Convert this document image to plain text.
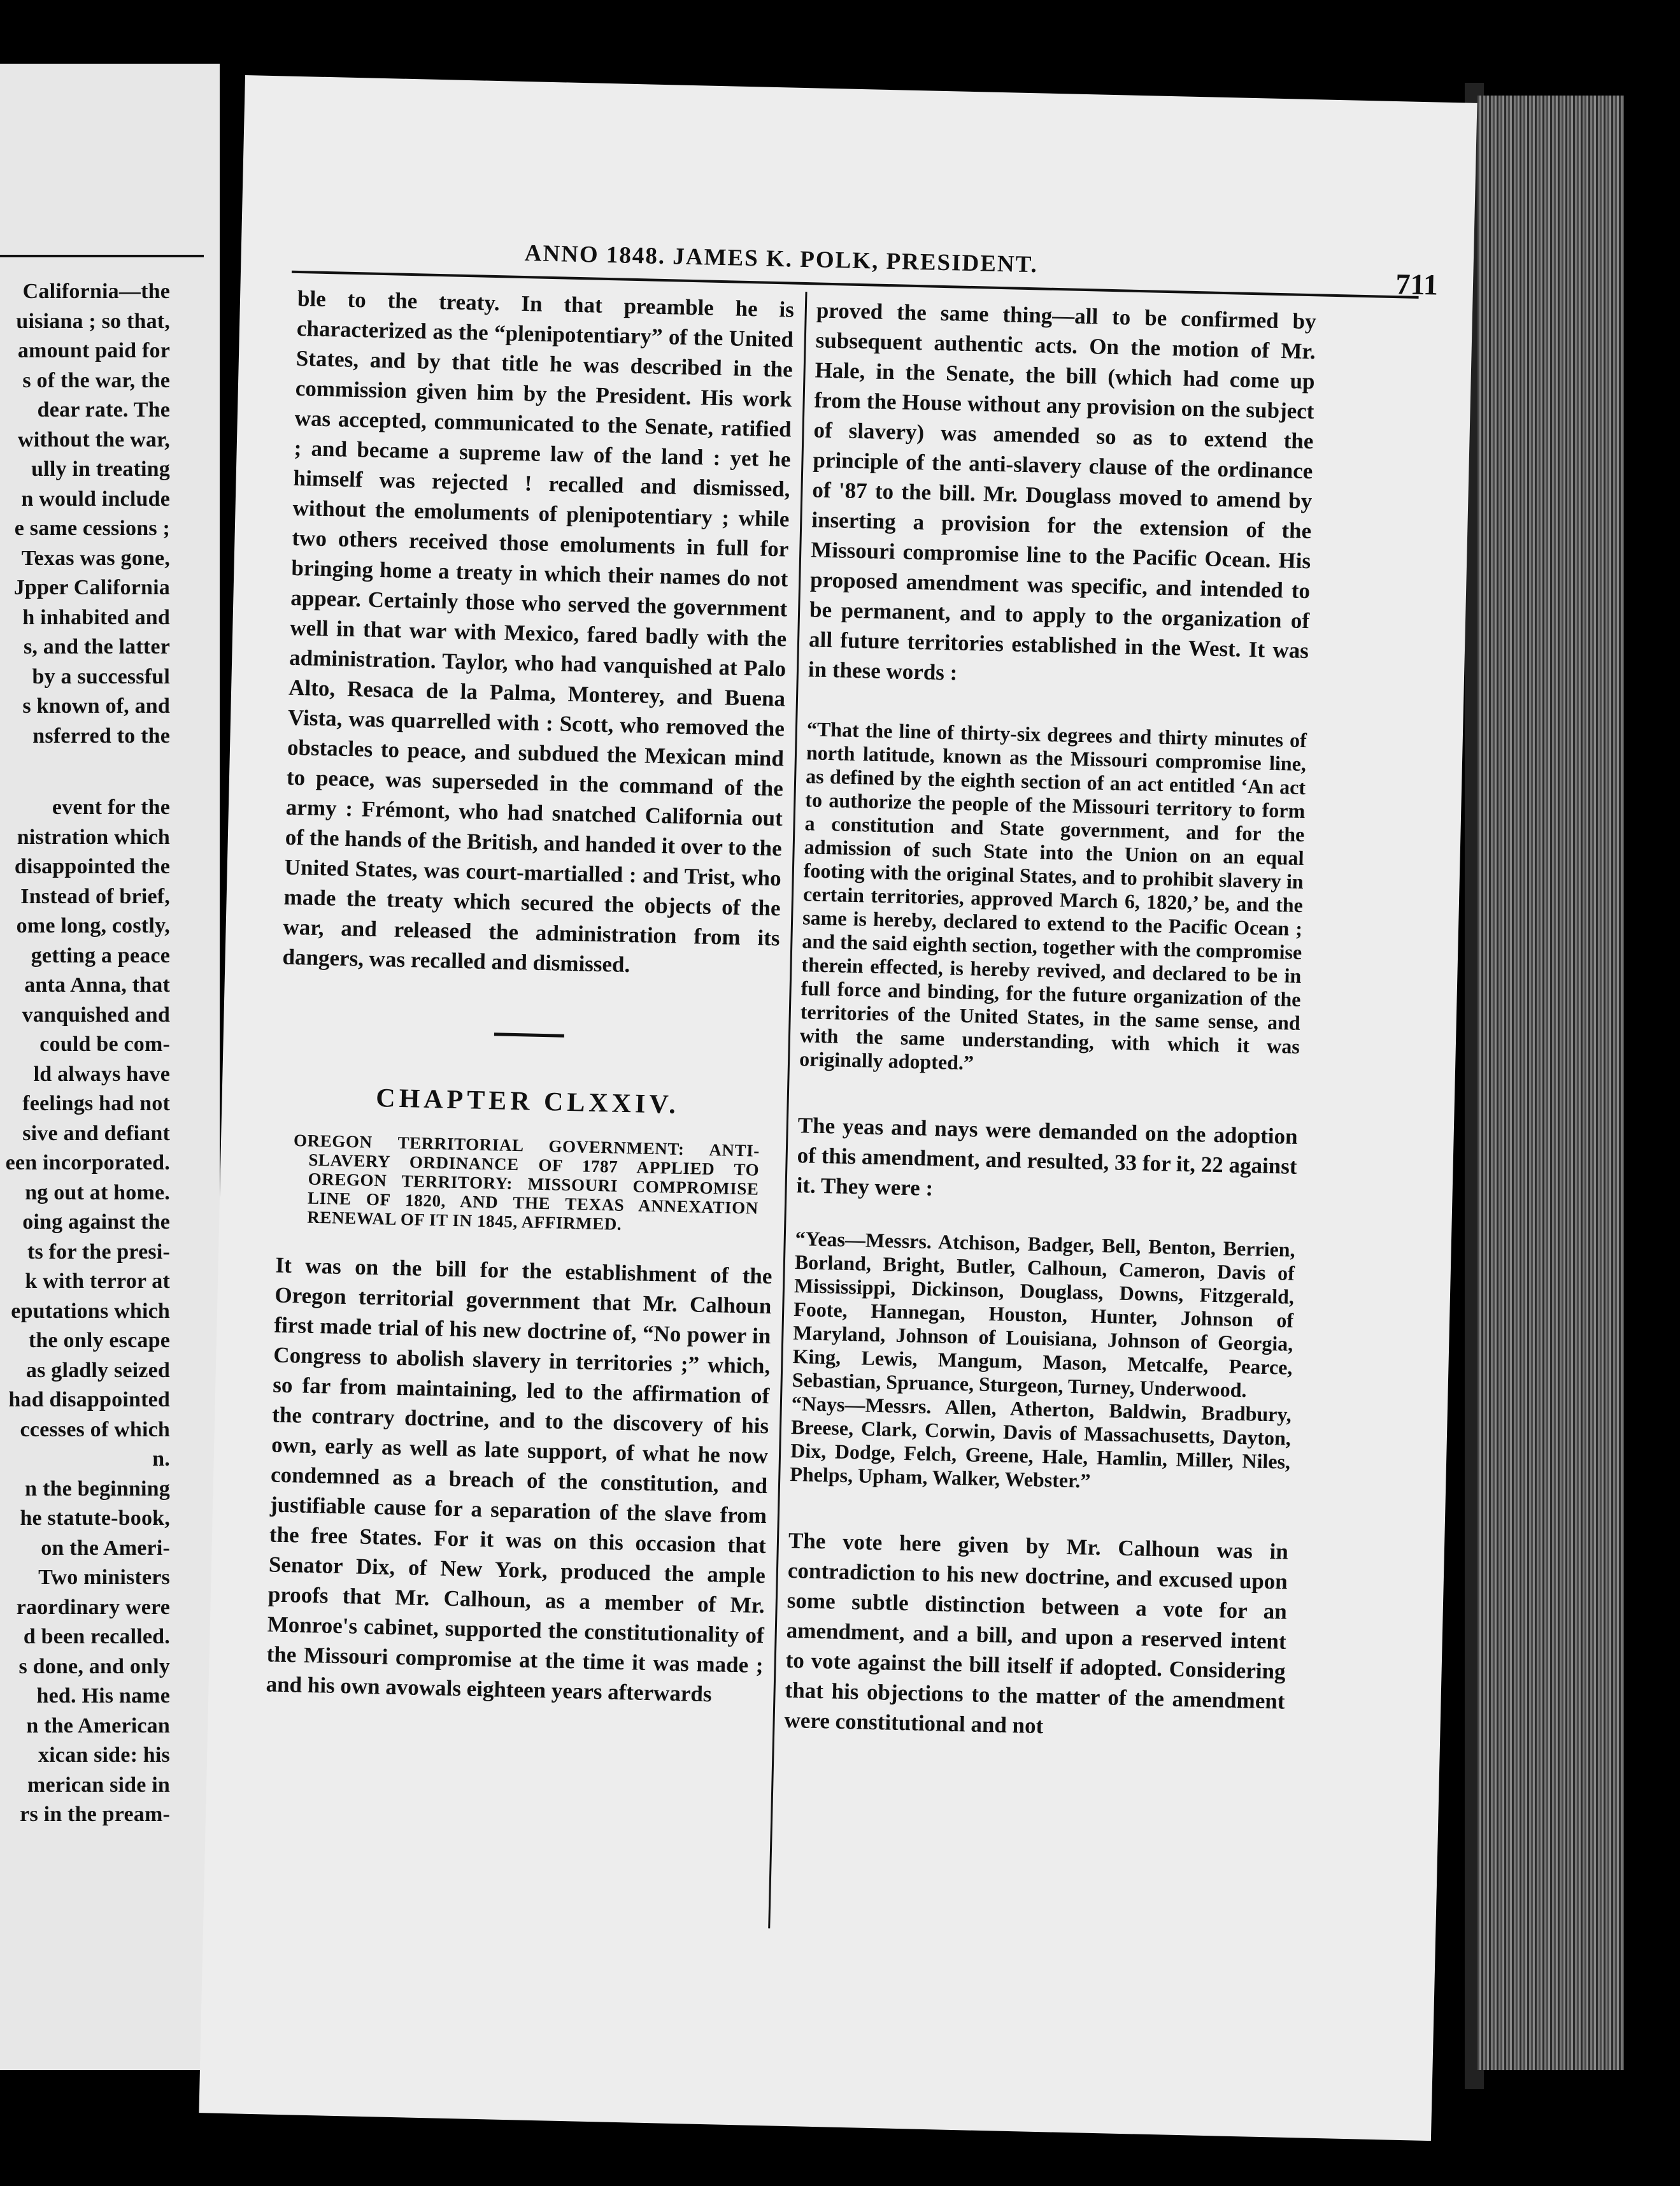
California—the
uisiana ; so that,
amount paid for
s of the war, the
dear rate. The
without the war,
ully in treating
n would include
e same cessions ;
Texas was gone,
Jpper California
h inhabited and
s, and the latter
by a successful
s known of, and
nsferred to the
event for the
nistration which
disappointed the
Instead of brief,
ome long, costly,
getting a peace
anta Anna, that
vanquished and
could be com-
ld always have
feelings had not
sive and defiant
een incorporated.
ng out at home.
oing against the
ts for the presi-
k with terror at
eputations which
the only escape
as gladly seized
had disappointed
ccesses of which
n.
n the beginning
he statute-book,
on the Ameri-
Two ministers
raordinary were
d been recalled.
s done, and only
hed. His name
n the American
xican side: his
merican side in
rs in the pream-
ANNO 1848. JAMES K. POLK, PRESIDENT.
711

ble to the treaty. In that preamble he is characterized as the “plenipotentiary” of the United States, and by that title he was described in the commission given him by the President. His work was accepted, communicated to the Senate, ratified ; and became a supreme law of the land : yet he himself was rejected ! recalled and dismissed, without the emoluments of plenipotentiary ; while two others received those emoluments in full for bringing home a treaty in which their names do not appear. Certainly those who served the government well in that war with Mexico, fared badly with the administration. Taylor, who had vanquished at Palo Alto, Resaca de la Palma, Monterey, and Buena Vista, was quarrelled with : Scott, who removed the obstacles to peace, and subdued the Mexican mind to peace, was superseded in the command of the army : Frémont, who had snatched California out of the hands of the British, and handed it over to the United States, was court-martialled : and Trist, who made the treaty which secured the objects of the war, and released the administration from its dangers, was recalled and dismissed.

CHAPTER CLXXIV.

OREGON TERRITORIAL GOVERNMENT: ANTI-SLAVERY ORDINANCE OF 1787 APPLIED TO OREGON TERRITORY: MISSOURI COMPROMISE LINE OF 1820, AND THE TEXAS ANNEXATION RENEWAL OF IT IN 1845, AFFIRMED.

It was on the bill for the establishment of the Oregon territorial government that Mr. Calhoun first made trial of his new doctrine of, “No power in Congress to abolish slavery in territories ;” which, so far from maintaining, led to the affirmation of the contrary doctrine, and to the discovery of his own, early as well as late support, of what he now condemned as a breach of the constitution, and justifiable cause for a separation of the slave from the free States. For it was on this occasion that Senator Dix, of New York, produced the ample proofs that Mr. Calhoun, as a member of Mr. Monroe's cabinet, supported the constitutionality of the Missouri compromise at the time it was made ; and his own avowals eighteen years afterwards

proved the same thing—all to be confirmed by subsequent authentic acts. On the motion of Mr. Hale, in the Senate, the bill (which had come up from the House without any provision on the subject of slavery) was amended so as to extend the principle of the anti-slavery clause of the ordinance of '87 to the bill. Mr. Douglass moved to amend by inserting a provision for the extension of the Missouri compromise line to the Pacific Ocean. His proposed amendment was specific, and intended to be permanent, and to apply to the organization of all future territories established in the West. It was in these words :

“That the line of thirty-six degrees and thirty minutes of north latitude, known as the Missouri compromise line, as defined by the eighth section of an act entitled ‘An act to authorize the people of the Missouri territory to form a constitution and State government, and for the admission of such State into the Union on an equal footing with the original States, and to prohibit slavery in certain territories, approved March 6, 1820,’ be, and the same is hereby, declared to extend to the Pacific Ocean ; and the said eighth section, together with the compromise therein effected, is hereby revived, and declared to be in full force and binding, for the future organization of the territories of the United States, in the same sense, and with the same understanding, with which it was originally adopted.”

The yeas and nays were demanded on the adoption of this amendment, and resulted, 33 for it, 22 against it. They were :

“Yeas—Messrs. Atchison, Badger, Bell, Benton, Berrien, Borland, Bright, Butler, Calhoun, Cameron, Davis of Mississippi, Dickinson, Douglass, Downs, Fitzgerald, Foote, Hannegan, Houston, Hunter, Johnson of Maryland, Johnson of Louisiana, Johnson of Georgia, King, Lewis, Mangum, Mason, Metcalfe, Pearce, Sebastian, Spruance, Sturgeon, Turney, Underwood.

“Nays—Messrs. Allen, Atherton, Baldwin, Bradbury, Breese, Clark, Corwin, Davis of Massachusetts, Dayton, Dix, Dodge, Felch, Greene, Hale, Hamlin, Miller, Niles, Phelps, Upham, Walker, Webster.”

The vote here given by Mr. Calhoun was in contradiction to his new doctrine, and excused upon some subtle distinction between a vote for an amendment, and a bill, and upon a reserved intent to vote against the bill itself if adopted. Considering that his objections to the matter of the amendment were constitutional and not
